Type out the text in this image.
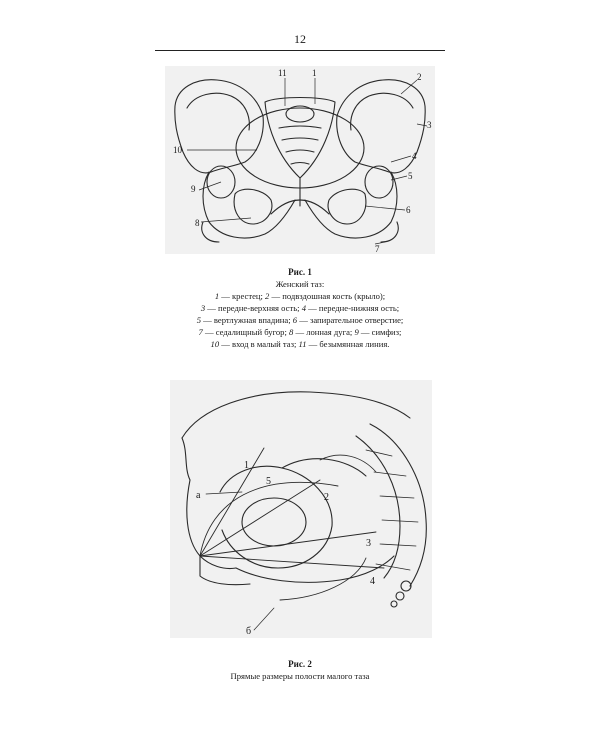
12
11	1	2
3
4
5
6
7
8
9
10
Рис. 1
Женский таз:
1 — крестец; 2 — подвздошная кость (крыло);
3 — передне-верхняя ость; 4 — передне-нижняя ость;
5 — вертлужная впадина; 6 — запирательное отверстие;
7 — седалищный бугор; 8 — лонная дуга; 9 — симфиз;
10 — вход в малый таз; 11 — безымянная линия.
1
2
3
4
5
а
б
Рис. 2
Прямые размеры полости малого таза
